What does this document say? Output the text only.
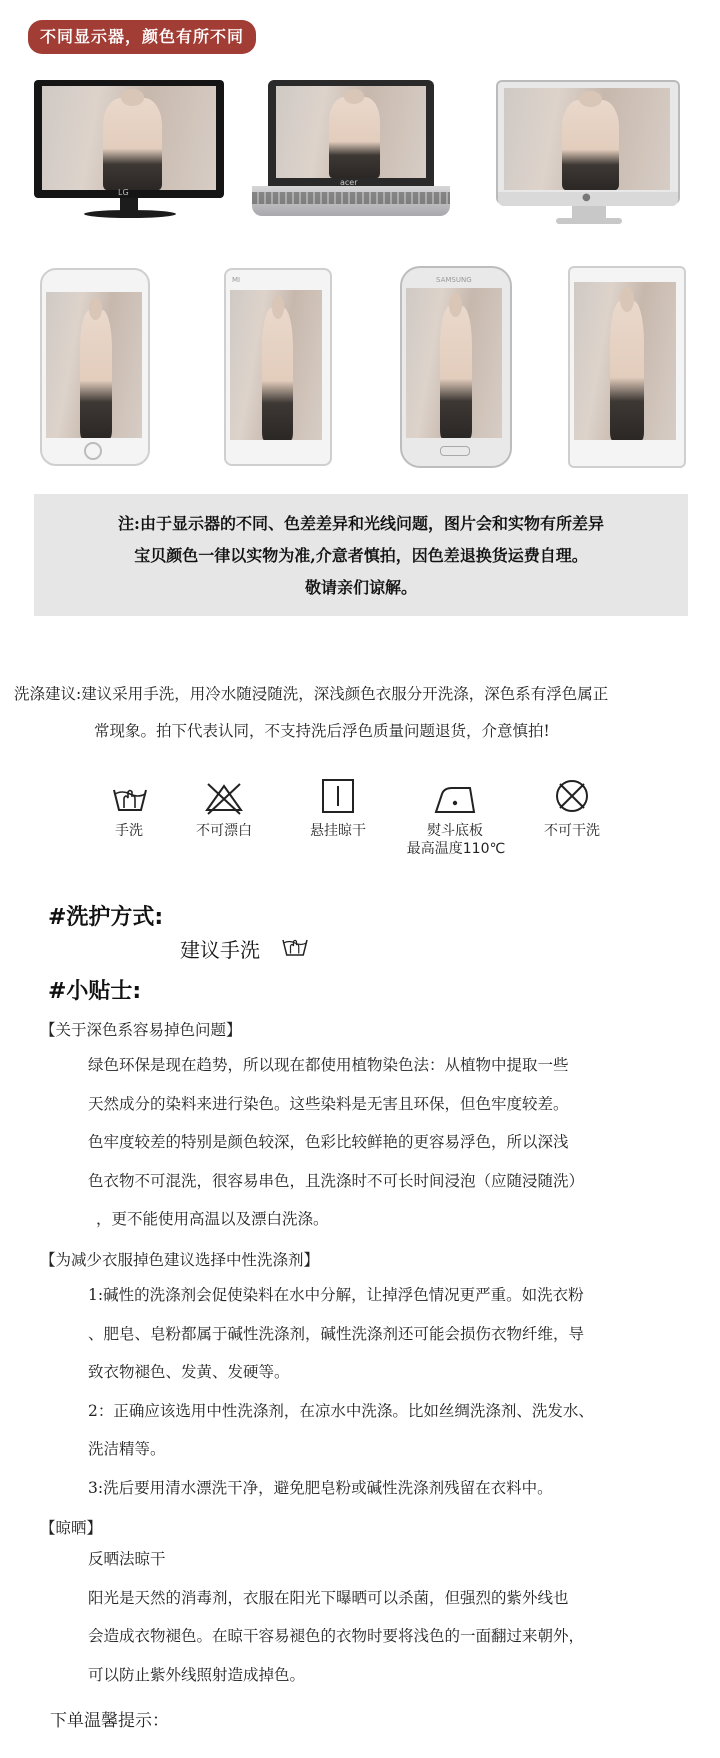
不同显示器，颜色有所不同
LG
acer
●
MI	SAMSUNG
注:由于显示器的不同、色差差异和光线问题，图片会和实物有所差异
宝贝颜色一律以实物为准,介意者慎拍，因色差退换货运费自理。
敬请亲们谅解。
洗涤建议:建议采用手洗，用冷水随浸随洗，深浅颜色衣服分开洗涤，深色系有浮色属正
常现象。拍下代表认同，不支持洗后浮色质量问题退货，介意慎拍!
手洗	不可漂白	悬挂晾干	熨斗底板
最高温度110℃
不可干洗
#洗护方式:
建议手洗
#小贴士:
【关于深色系容易掉色问题】

绿色环保是现在趋势，所以现在都使用植物染色法：从植物中提取一些

天然成分的染料来进行染色。这些染料是无害且环保，但色牢度较差。

色牢度较差的特别是颜色较深，色彩比较鲜艳的更容易浮色，所以深浅

色衣物不可混洗，很容易串色，且洗涤时不可长时间浸泡（应随浸随洗）

，更不能使用高温以及漂白洗涤。

【为减少衣服掉色建议选择中性洗涤剂】

1:碱性的洗涤剂会促使染料在水中分解，让掉浮色情况更严重。如洗衣粉

、肥皂、皂粉都属于碱性洗涤剂，碱性洗涤剂还可能会损伤衣物纤维，导

致衣物褪色、发黄、发硬等。

2：正确应该选用中性洗涤剂，在凉水中洗涤。比如丝绸洗涤剂、洗发水、

洗洁精等。

3:洗后要用清水漂洗干净，避免肥皂粉或碱性洗涤剂残留在衣料中。

【晾晒】

反晒法晾干

阳光是天然的消毒剂，衣服在阳光下曝晒可以杀菌，但强烈的紫外线也

会造成衣物褪色。在晾干容易褪色的衣物时要将浅色的一面翻过来朝外，

可以防止紫外线照射造成掉色。

下单温馨提示：
